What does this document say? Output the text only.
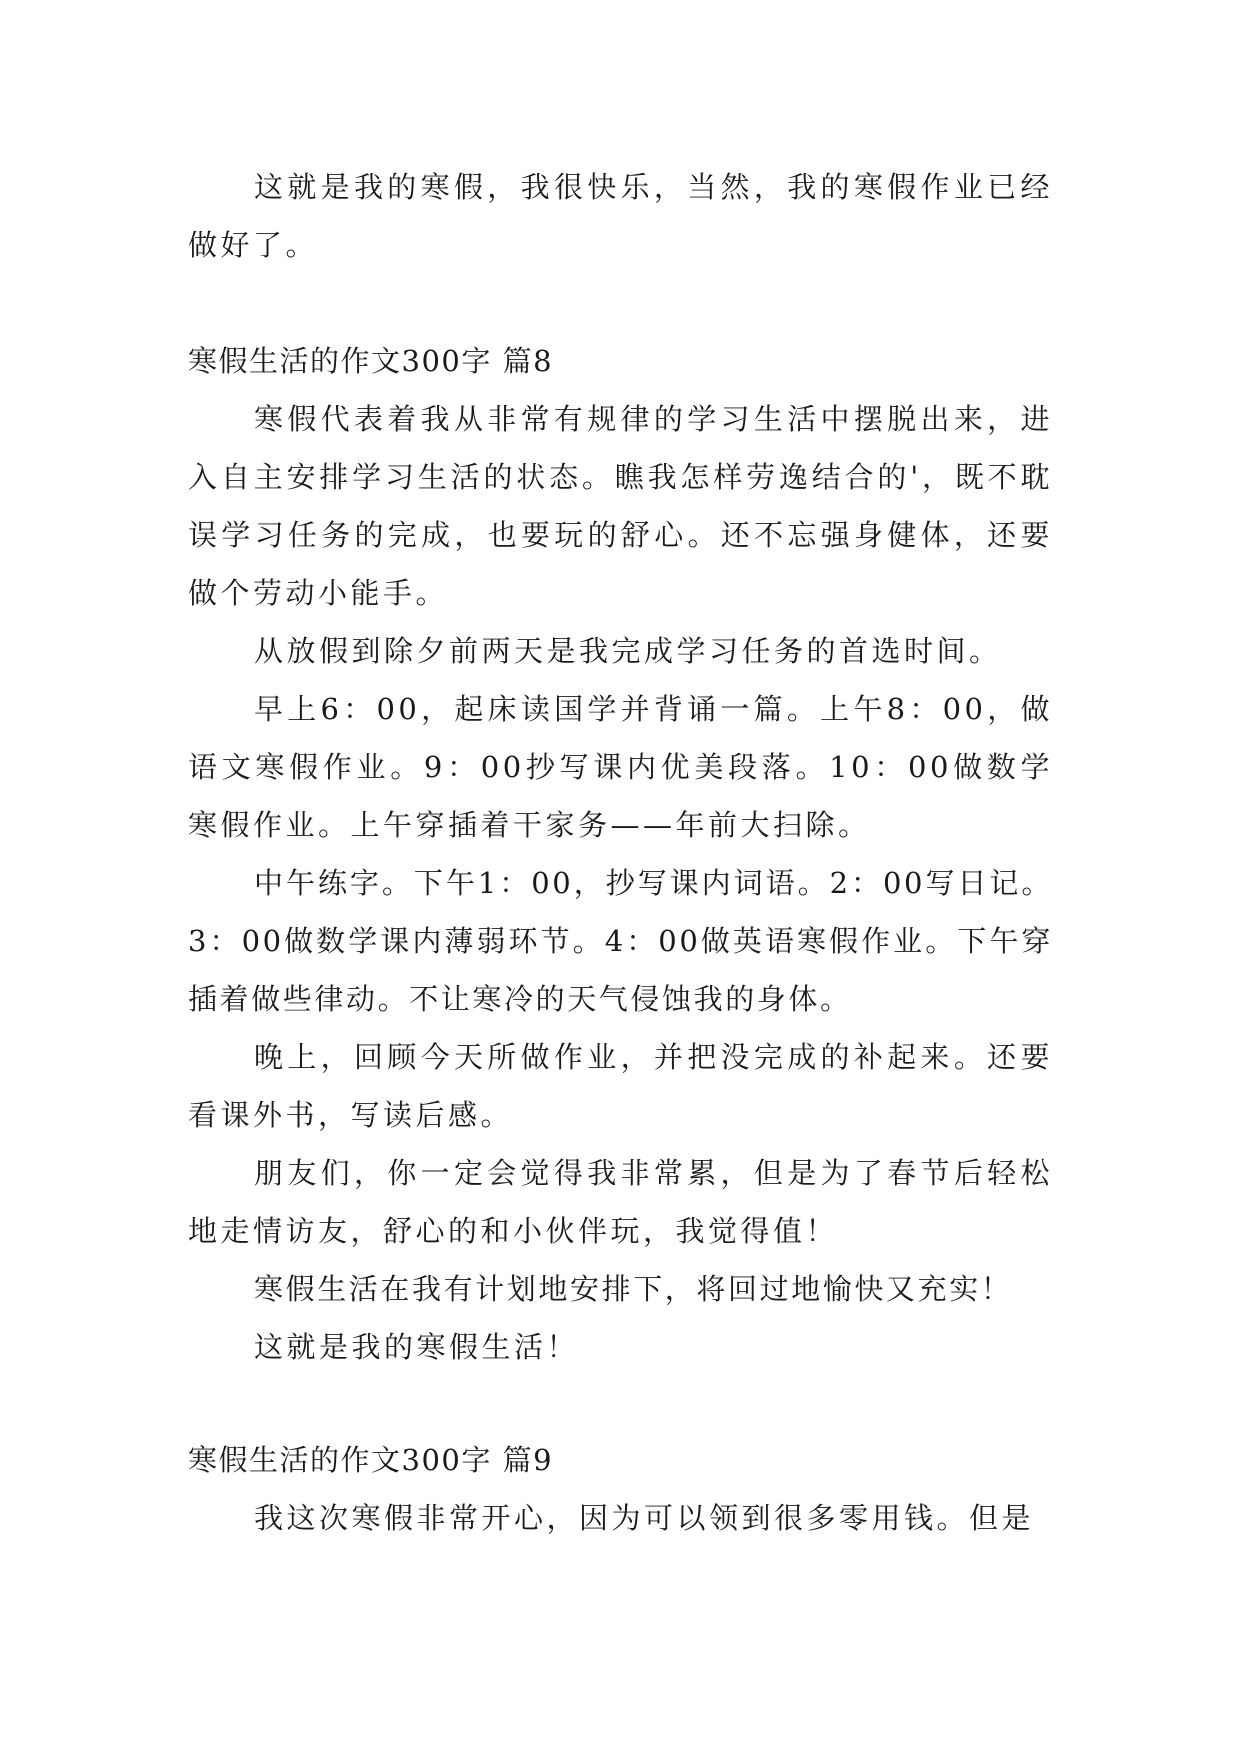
这就是我的寒假，我很快乐，当然，我的寒假作业已经做好了。

寒假生活的作文300字 篇8

寒假代表着我从非常有规律的学习生活中摆脱出来，进入自主安排学习生活的状态。瞧我怎样劳逸结合的'，既不耽误学习任务的完成，也要玩的舒心。还不忘强身健体，还要做个劳动小能手。

从放假到除夕前两天是我完成学习任务的首选时间。

早上6：00，起床读国学并背诵一篇。上午8：00，做语文寒假作业。9：00抄写课内优美段落。10：00做数学寒假作业。上午穿插着干家务——年前大扫除。

中午练字。下午1：00，抄写课内词语。2：00写日记。3：00做数学课内薄弱环节。4：00做英语寒假作业。下午穿插着做些律动。不让寒冷的天气侵蚀我的身体。

晚上，回顾今天所做作业，并把没完成的补起来。还要看课外书，写读后感。

朋友们，你一定会觉得我非常累，但是为了春节后轻松地走情访友，舒心的和小伙伴玩，我觉得值！

寒假生活在我有计划地安排下，将回过地愉快又充实！

这就是我的寒假生活！

寒假生活的作文300字 篇9

我这次寒假非常开心，因为可以领到很多零用钱。但是
